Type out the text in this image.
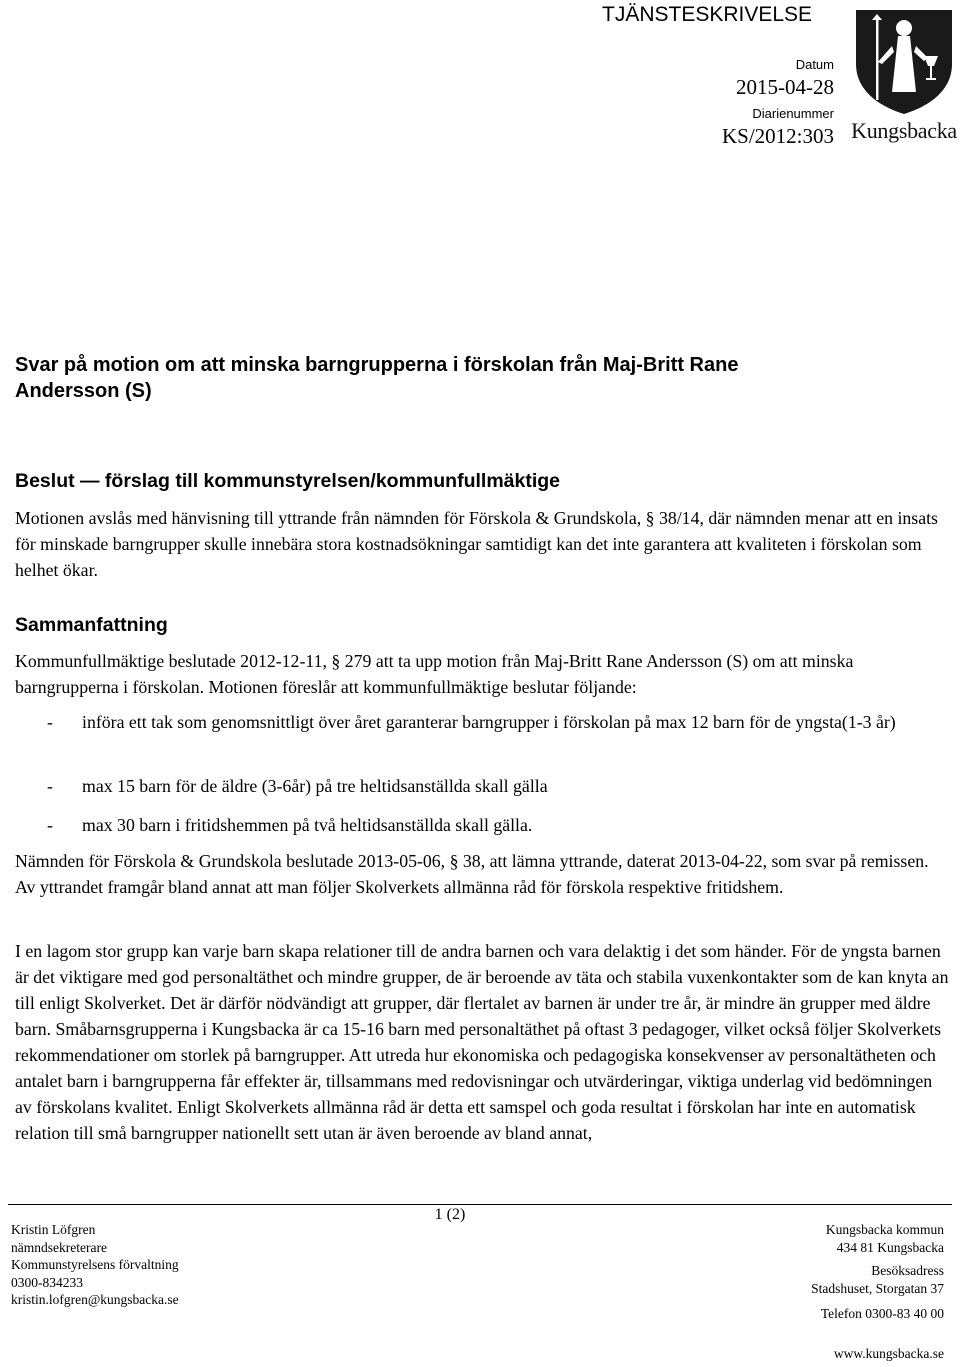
TJÄNSTESKRIVELSE
Datum
2015-04-28
Diarienummer
KS/2012:303 Kungsbacka
Svar på motion om att minska barngrupperna i förskolan från Maj-Britt Rane
Andersson (S)
Beslut — förslag till kommunstyrelsen/kommunfullmäktige

Motionen avslås med hänvisning till yttrande från nämnden för Förskola & Grundskola, § 38/14, där nämnden menar att en insats för minskade barngrupper skulle innebära stora kostnadsökningar samtidigt kan det inte garantera att kvaliteten i förskolan som helhet ökar.

Sammanfattning

Kommunfullmäktige beslutade 2012-12-11, § 279 att ta upp motion från Maj-Britt Rane Andersson (S) om att minska barngrupperna i förskolan. Motionen föreslår att kommunfullmäktige beslutar följande:

- införa ett tak som genomsnittligt över året garanterar barngrupper i förskolan på max 12 barn för de yngsta(1-3 år)
- max 15 barn för de äldre (3-6år) på tre heltidsanställda skall gälla
- max 30 barn i fritidshemmen på två heltidsanställda skall gälla.

Nämnden för Förskola & Grundskola beslutade 2013-05-06, § 38, att lämna yttrande, daterat 2013-04-22, som svar på remissen. Av yttrandet framgår bland annat att man följer Skolverkets allmänna råd för förskola respektive fritidshem.

I en lagom stor grupp kan varje barn skapa relationer till de andra barnen och vara delaktig i det som händer. För de yngsta barnen är det viktigare med god personaltäthet och mindre grupper, de är beroende av täta och stabila vuxenkontakter som de kan knyta an till enligt Skolverket. Det är därför nödvändigt att grupper, där flertalet av barnen är under tre år, är mindre än grupper med äldre barn. Småbarnsgrupperna i Kungsbacka är ca 15-16 barn med personaltäthet på oftast 3 pedagoger, vilket också följer Skolverkets rekommendationer om storlek på barngrupper. Att utreda hur ekonomiska och pedagogiska konsekvenser av personaltätheten och antalet barn i barngrupperna får effekter är, tillsammans med redovisningar och utvärderingar, viktiga underlag vid bedömningen av förskolans kvalitet. Enligt Skolverkets allmänna råd är detta ett samspel och goda resultat i förskolan har inte en automatisk relation till små barngrupper nationellt sett utan är även beroende av bland annat,

1 (2)
Kristin Löfgren
nämndsekreterare
Kommunstyrelsens förvaltning
0300-834233
kristin.lofgren@kungsbacka.se
Kungsbacka kommun
434 81 Kungsbacka
Besöksadress
Stadshuset, Storgatan 37
Telefon 0300-83 40 00
www.kungsbacka.se
